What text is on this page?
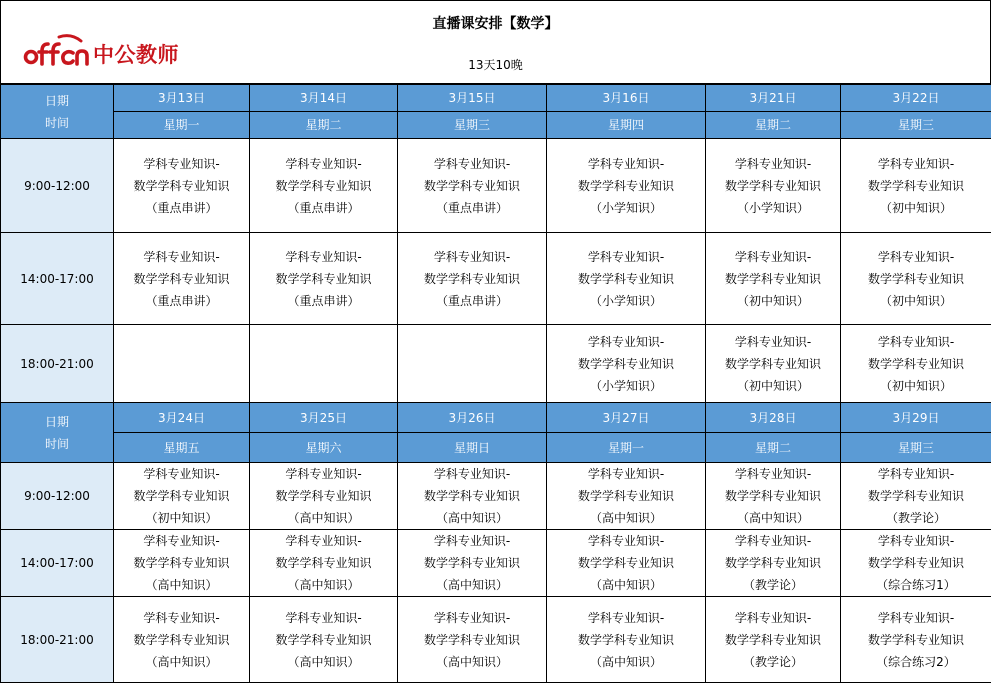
中公教师
直播课安排【数学】
13天10晚
日期
时间	3月13日	3月14日	3月15日	3月16日	3月21日	3月22日
	星期一	星期二	星期三	星期四	星期二	星期三
9:00-12:00	学科专业知识-
数学学科专业知识
（重点串讲）	学科专业知识-
数学学科专业知识
（重点串讲）	学科专业知识-
数学学科专业知识
（重点串讲）	学科专业知识-
数学学科专业知识
（小学知识）	学科专业知识-
数学学科专业知识
（小学知识）	学科专业知识-
数学学科专业知识
（初中知识）

14:00-17:00	学科专业知识-
数学学科专业知识
（重点串讲）	学科专业知识-
数学学科专业知识
（重点串讲）	学科专业知识-
数学学科专业知识
（重点串讲）	学科专业知识-
数学学科专业知识
（小学知识）	学科专业知识-
数学学科专业知识
（初中知识）	学科专业知识-
数学学科专业知识
（初中知识）

18:00-21:00				学科专业知识-
数学学科专业知识
（小学知识）	学科专业知识-
数学学科专业知识
（初中知识）	学科专业知识-
数学学科专业知识
（初中知识）

日期
时间	3月24日	3月25日	3月26日	3月27日	3月28日	3月29日
	星期五	星期六	星期日	星期一	星期二	星期三
9:00-12:00	学科专业知识-
数学学科专业知识
（初中知识）	学科专业知识-
数学学科专业知识
（高中知识）	学科专业知识-
数学学科专业知识
（高中知识）	学科专业知识-
数学学科专业知识
（高中知识）	学科专业知识-
数学学科专业知识
（高中知识）	学科专业知识-
数学学科专业知识
（教学论）

14:00-17:00	学科专业知识-
数学学科专业知识
（高中知识）	学科专业知识-
数学学科专业知识
（高中知识）	学科专业知识-
数学学科专业知识
（高中知识）	学科专业知识-
数学学科专业知识
（高中知识）	学科专业知识-
数学学科专业知识
（教学论）	学科专业知识-
数学学科专业知识
（综合练习1）

18:00-21:00	学科专业知识-
数学学科专业知识
（高中知识）	学科专业知识-
数学学科专业知识
（高中知识）	学科专业知识-
数学学科专业知识
（高中知识）	学科专业知识-
数学学科专业知识
（高中知识）	学科专业知识-
数学学科专业知识
（教学论）	学科专业知识-
数学学科专业知识
（综合练习2）
